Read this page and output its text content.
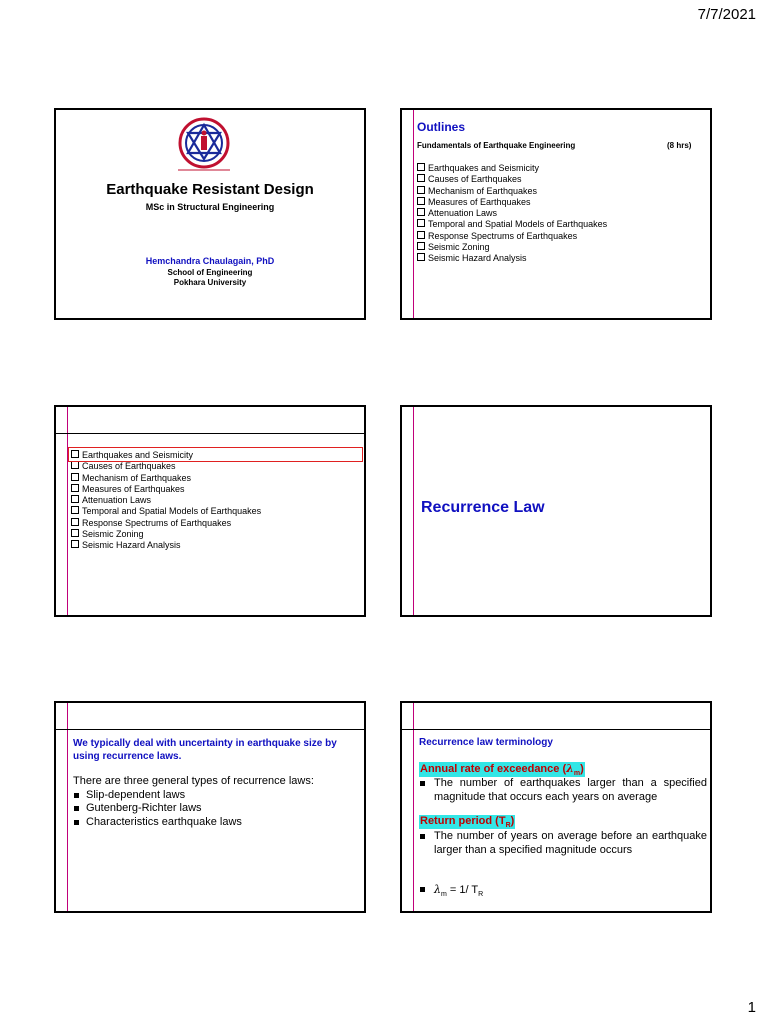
7/7/2021
Earthquake Resistant Design
MSc in Structural Engineering
Hemchandra Chaulagain, PhD
School of Engineering
Pokhara University
Outlines
Fundamentals of Earthquake Engineering	(8 hrs)
Earthquakes and Seismicity
Causes of Earthquakes
Mechanism of Earthquakes
Measures of Earthquakes
Attenuation Laws
Temporal and Spatial Models of Earthquakes
Response Spectrums of Earthquakes
Seismic Zoning
Seismic Hazard Analysis
Earthquakes and Seismicity
Causes of Earthquakes
Mechanism of Earthquakes
Measures of Earthquakes
Attenuation Laws
Temporal and Spatial Models of Earthquakes
Response Spectrums of Earthquakes
Seismic Zoning
Seismic Hazard Analysis
Recurrence Law
We typically deal with uncertainty in earthquake size by using recurrence laws.
There are three general types of recurrence laws:
Slip-dependent laws
Gutenberg-Richter laws
Characteristics earthquake laws
Recurrence law terminology
Annual rate of exceedance $(\lambda_m)$
The number of earthquakes larger than a specified magnitude that occurs each years on average
Return period $(T_R)$
The number of years on average before an earthquake larger than a specified magnitude occurs
$\lambda_m = 1/$ $T_R$
1
